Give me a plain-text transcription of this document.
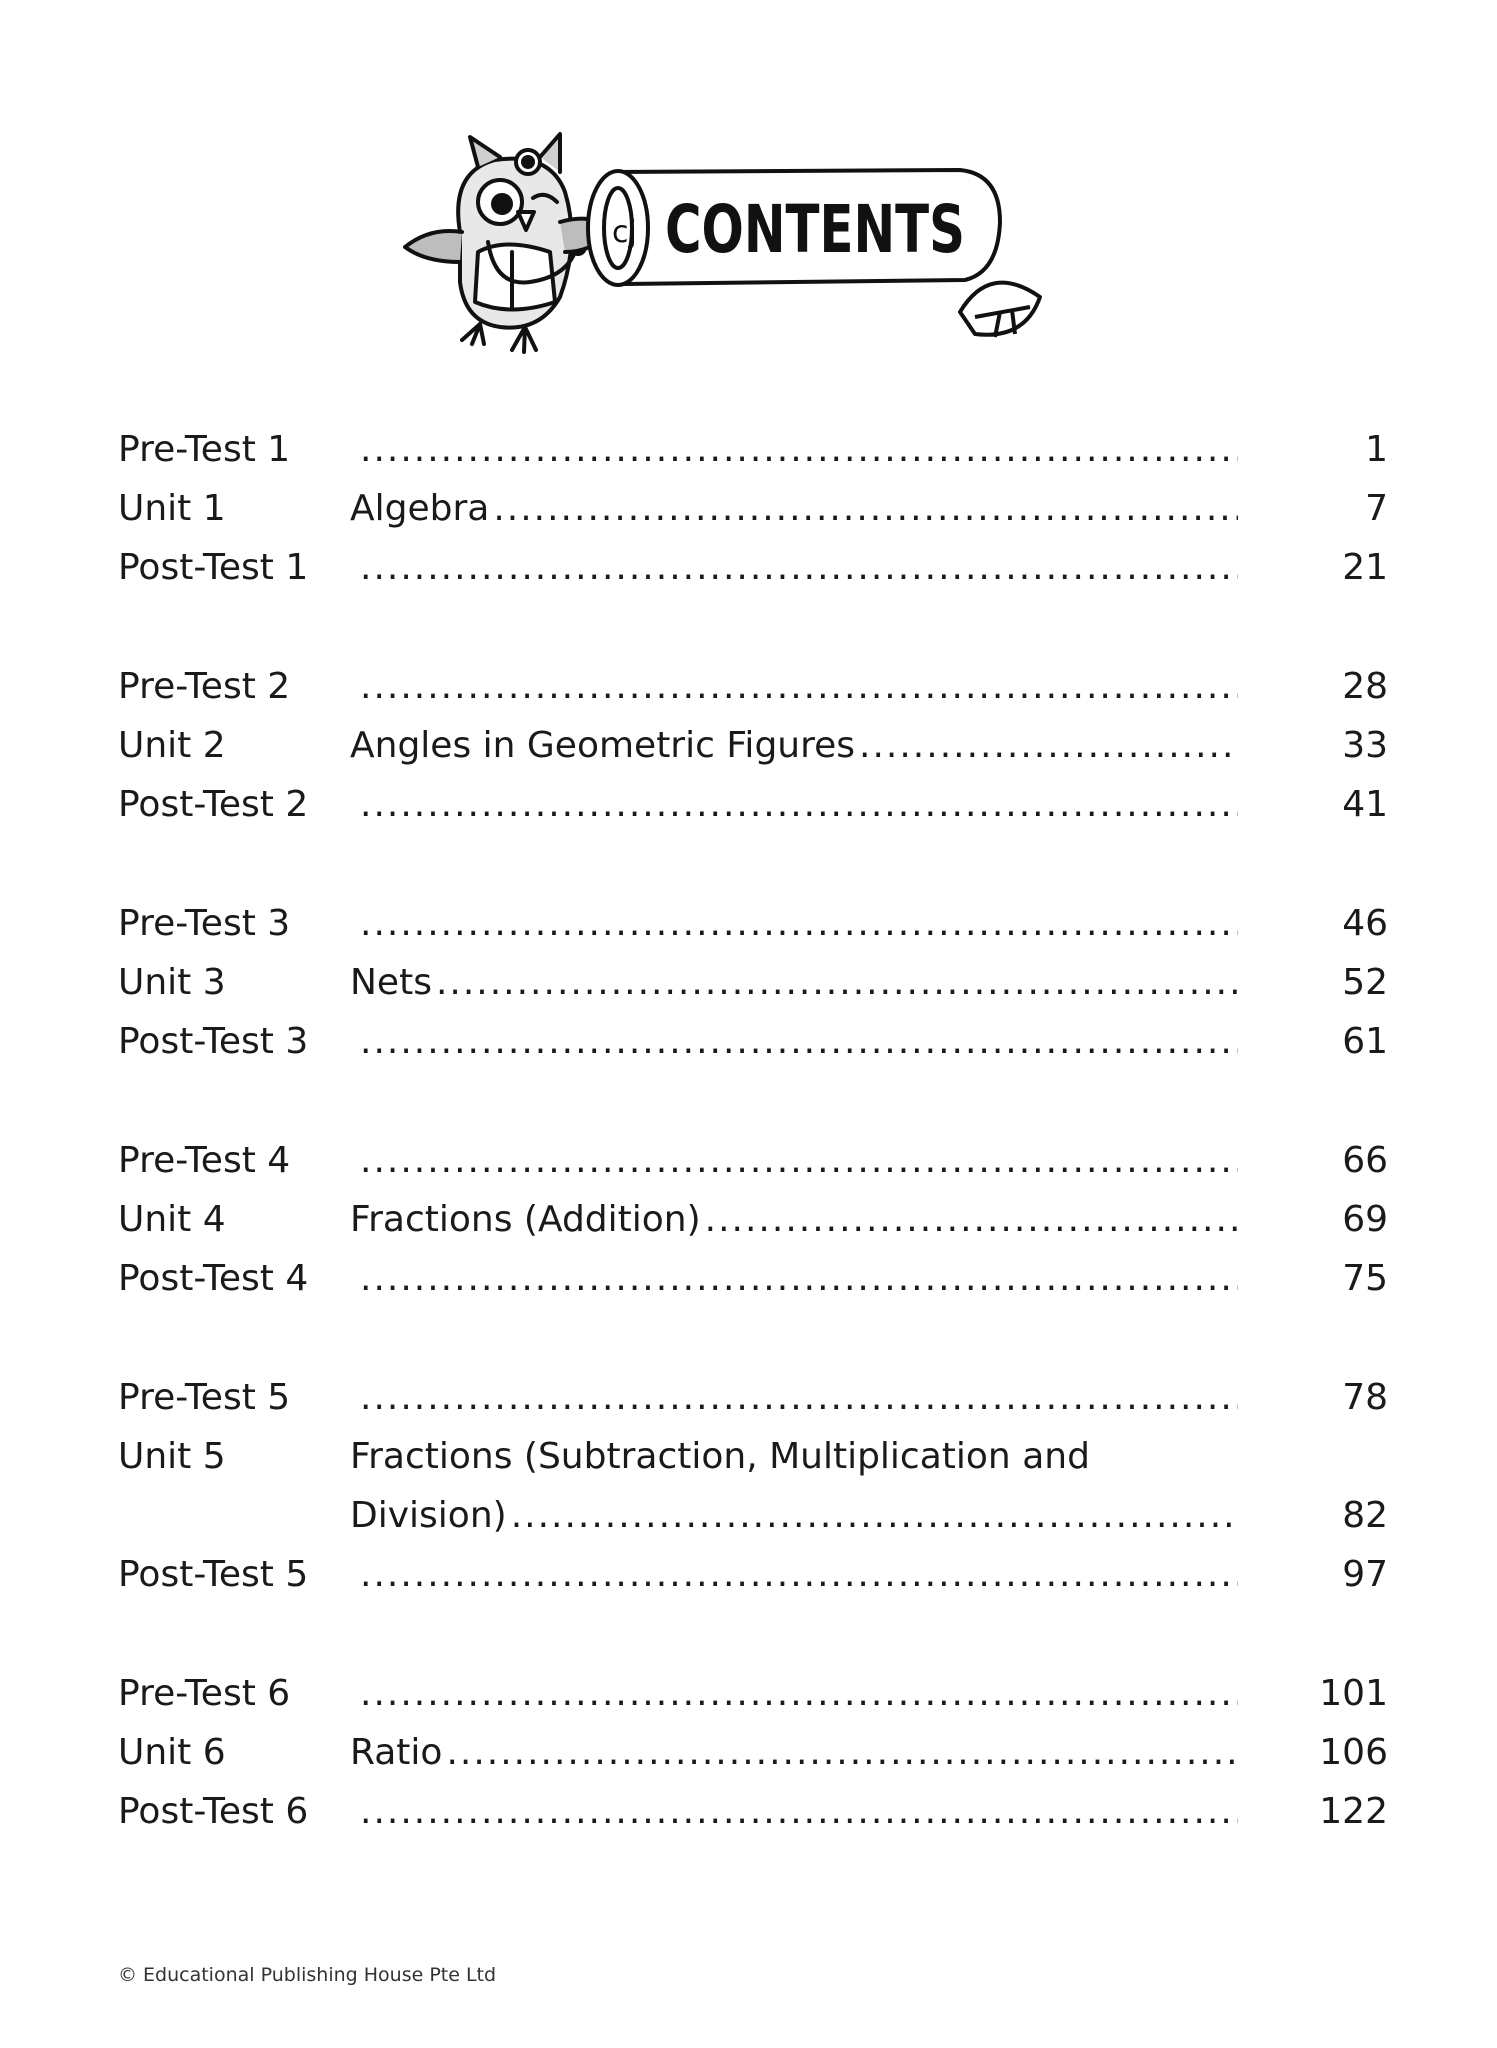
cj CONTENTS
Pre-Test 1 .....	1
Unit 1	Algebra .....	7
Post-Test 1 .....	21
Pre-Test 2 .....	28
Unit 2	Angles in Geometric Figures .....	33
Post-Test 2 .....	41
Pre-Test 3 .....	46
Unit 3	Nets .....	52
Post-Test 3 .....	61
Pre-Test 4 .....	66
Unit 4	Fractions (Addition) .....	69
Post-Test 4 .....	75
Pre-Test 5 .....	78
Unit 5	Fractions (Subtraction, Multiplication and
Division) .....	82
Post-Test 5 .....	97
Pre-Test 6 .....	101
Unit 6	Ratio .....	106
Post-Test 6 .....	122
© Educational Publishing House Pte Ltd
